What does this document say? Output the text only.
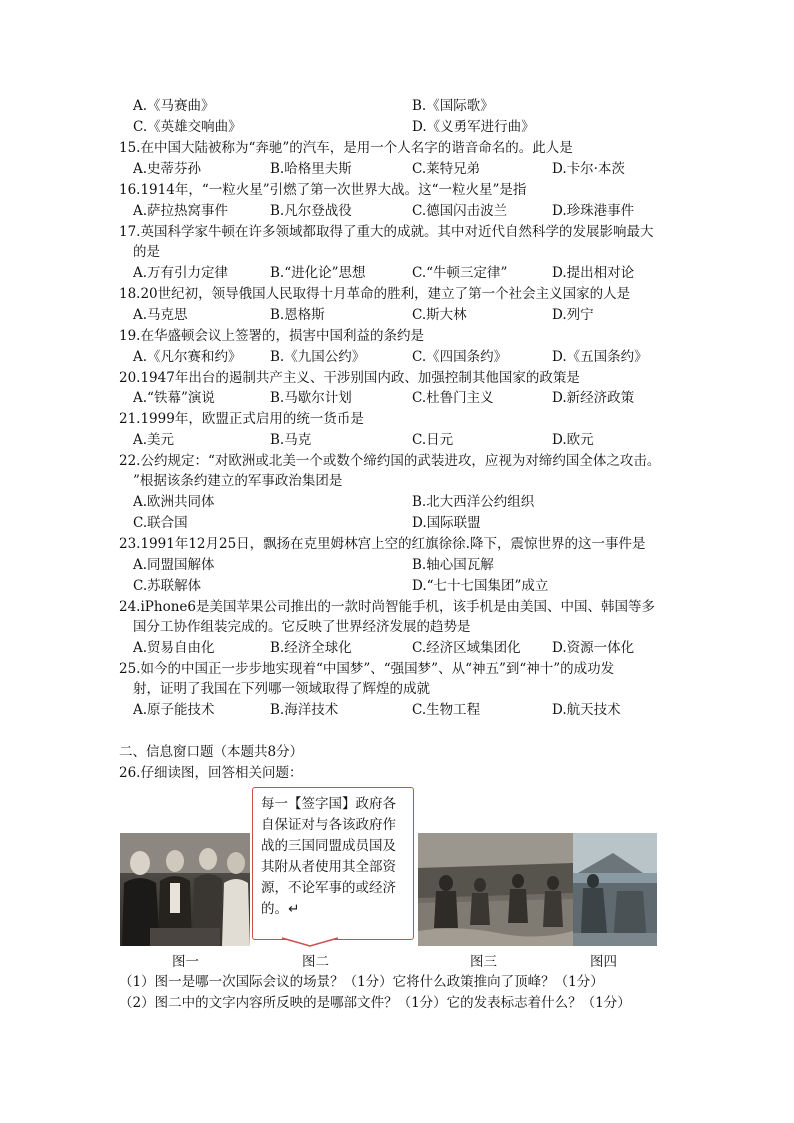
A.《马赛曲》	B.《国际歌》
C.《英雄交响曲》	D.《义勇军进行曲》
15.在中国大陆被称为“奔驰”的汽车，是用一个人名字的谐音命名的。此人是
A.史蒂芬孙	B.哈格里夫斯	C.莱特兄弟	D.卡尔·本茨
16.1914年，“一粒火星”引燃了第一次世界大战。这“一粒火星”是指
A.萨拉热窝事件	B.凡尔登战役	C.德国闪击波兰	D.珍珠港事件
17.英国科学家牛顿在许多领域都取得了重大的成就。其中对近代自然科学的发展影响最大
的是
A.万有引力定律	B.“进化论”思想	C.“牛顿三定律”	D.提出相对论
18.20世纪初，领导俄国人民取得十月革命的胜利，建立了第一个社会主义国家的人是
A.马克思	B.恩格斯	C.斯大林	D.列宁
19.在华盛顿会议上签署的，损害中国利益的条约是
A.《凡尔赛和约》 B.《九国公约》	C.《四国条约》	D.《五国条约》
20.1947年出台的遏制共产主义、干涉别国内政、加强控制其他国家的政策是
A.“铁幕”演说	B.马歇尔计划	C.杜鲁门主义	D.新经济政策
21.1999年，欧盟正式启用的统一货币是
A.美元	B.马克	C.日元	D.欧元
22.公约规定：“对欧洲或北美一个或数个缔约国的武装进攻，应视为对缔约国全体之攻击。
”根据该条约建立的军事政治集团是
A.欧洲共同体	B.北大西洋公约组织
C.联合国	D.国际联盟
23.1991年12月25日，飘扬在克里姆林宫上空的红旗徐徐.降下，震惊世界的这一事件是
A.同盟国解体	B.轴心国瓦解
C.苏联解体	D.“七十七国集团”成立
24.iPhone6是美国苹果公司推出的一款时尚智能手机，该手机是由美国、中国、韩国等多
国分工协作组装完成的。它反映了世界经济发展的趋势是
A.贸易自由化	B.经济全球化	C.经济区域集团化 D.资源一体化
25.如今的中国正一步步地实现着“中国梦”、“强国梦”、从“神五”到“神十”的成功发
射，证明了我国在下列哪一领域取得了辉煌的成就
A.原子能技术	B.海洋技术	C.生物工程	D.航天技术
二、信息窗口题（本题共8分）
26.仔细读图，回答相关问题：
每一【签字国】政府各自保证对与各该政府作战的三国同盟成员国及其附从者使用其全部资源，不论军事的或经济的。↵
图一	图二	图三	图四
（1）图一是哪一次国际会议的场景？（1分）它将什么政策推向了顶峰？（1分）
（2）图二中的文字内容所反映的是哪部文件？（1分）它的发表标志着什么？（1分）
